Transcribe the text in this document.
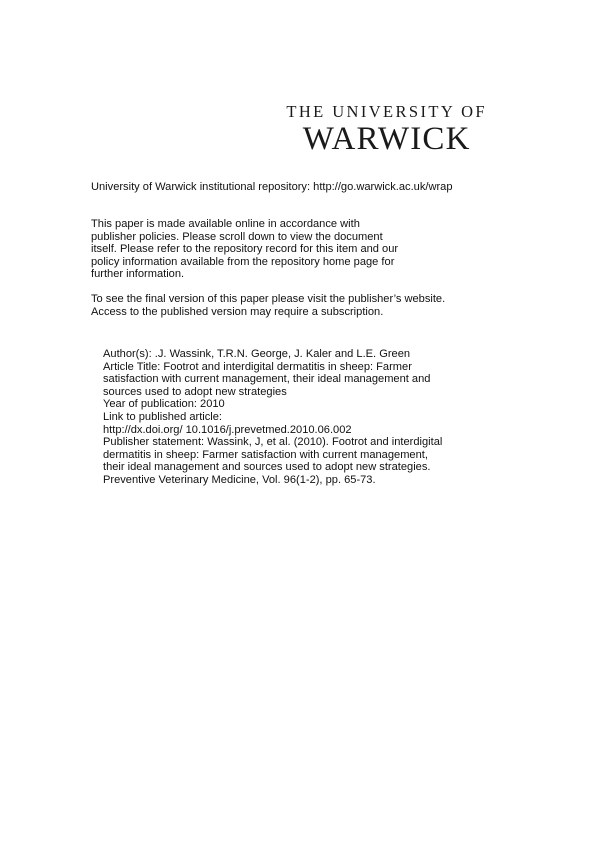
THE UNIVERSITY OF
WARWICK
University of Warwick institutional repository: http://go.warwick.ac.uk/wrap
This paper is made available online in accordance with
publisher policies. Please scroll down to view the document
itself. Please refer to the repository record for this item and our
policy information available from the repository home page for
further information.
To see the final version of this paper please visit the publisher’s website.
Access to the published version may require a subscription.
Author(s): .J. Wassink, T.R.N. George, J. Kaler and L.E. Green
Article Title: Footrot and interdigital dermatitis in sheep: Farmer
satisfaction with current management, their ideal management and
sources used to adopt new strategies
Year of publication: 2010
Link to published article:
http://dx.doi.org/ 10.1016/j.prevetmed.2010.06.002
Publisher statement: Wassink, J, et al. (2010). Footrot and interdigital
dermatitis in sheep: Farmer satisfaction with current management,
their ideal management and sources used to adopt new strategies.
Preventive Veterinary Medicine, Vol. 96(1-2), pp. 65-73.
